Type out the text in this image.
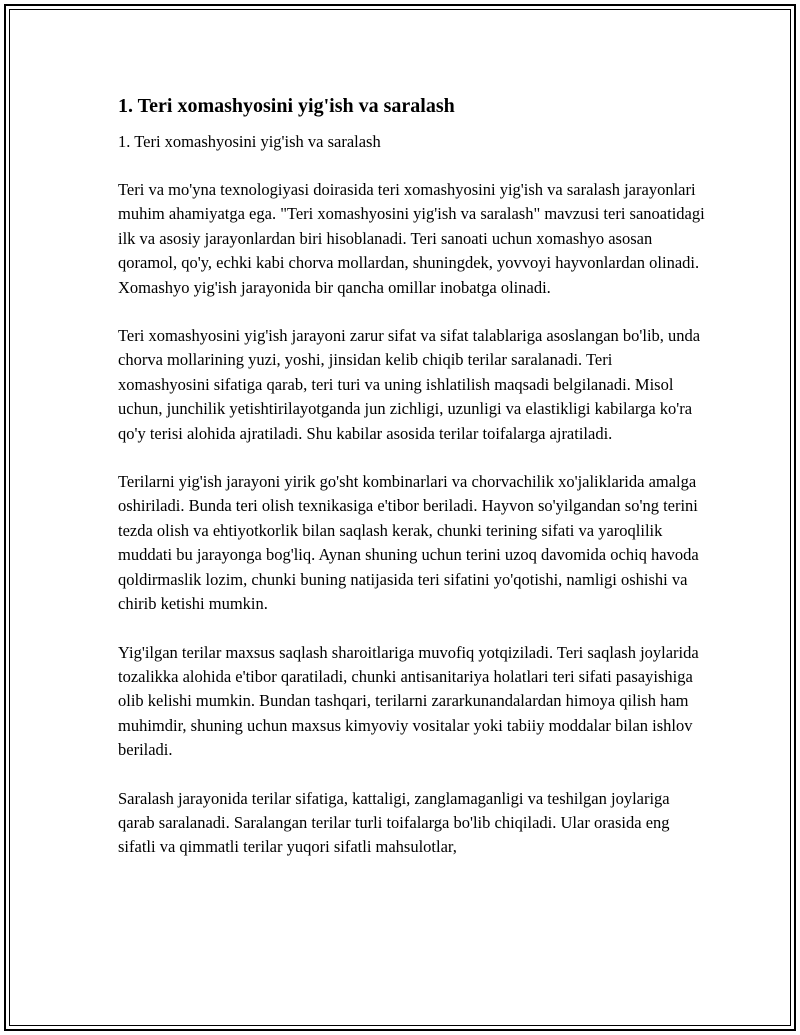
1. Teri xomashyosini yig'ish va saralash

1. Teri xomashyosini yig'ish va saralash

Teri va mo'yna texnologiyasi doirasida teri xomashyosini yig'ish va saralash jarayonlari muhim ahamiyatga ega. "Teri xomashyosini yig'ish va saralash" mavzusi teri sanoatidagi ilk va asosiy jarayonlardan biri hisoblanadi. Teri sanoati uchun xomashyo asosan qoramol, qo'y, echki kabi chorva mollardan, shuningdek, yovvoyi hayvonlardan olinadi. Xomashyo yig'ish jarayonida bir qancha omillar inobatga olinadi.

Teri xomashyosini yig'ish jarayoni zarur sifat va sifat talablariga asoslangan bo'lib, unda chorva mollarining yuzi, yoshi, jinsidan kelib chiqib terilar saralanadi. Teri xomashyosini sifatiga qarab, teri turi va uning ishlatilish maqsadi belgilanadi. Misol uchun, junchilik yetishtirilayotganda jun zichligi, uzunligi va elastikligi kabilarga ko'ra qo'y terisi alohida ajratiladi. Shu kabilar asosida terilar toifalarga ajratiladi.

Terilarni yig'ish jarayoni yirik go'sht kombinarlari va chorvachilik xo'jaliklarida amalga oshiriladi. Bunda teri olish texnikasiga e'tibor beriladi. Hayvon so'yilgandan so'ng terini tezda olish va ehtiyotkorlik bilan saqlash kerak, chunki terining sifati va yaroqlilik muddati bu jarayonga bog'liq. Aynan shuning uchun terini uzoq davomida ochiq havoda qoldirmaslik lozim, chunki buning natijasida teri sifatini yo'qotishi, namligi oshishi va chirib ketishi mumkin.

Yig'ilgan terilar maxsus saqlash sharoitlariga muvofiq yotqiziladi. Teri saqlash joylarida tozalikka alohida e'tibor qaratiladi, chunki antisanitariya holatlari teri sifati pasayishiga olib kelishi mumkin. Bundan tashqari, terilarni zararkunandalardan himoya qilish ham muhimdir, shuning uchun maxsus kimyoviy vositalar yoki tabiiy moddalar bilan ishlov beriladi.

Saralash jarayonida terilar sifatiga, kattaligi, zanglamaganligi va teshilgan joylariga qarab saralanadi. Saralangan terilar turli toifalarga bo'lib chiqiladi. Ular orasida eng sifatli va qimmatli terilar yuqori sifatli mahsulotlar,
